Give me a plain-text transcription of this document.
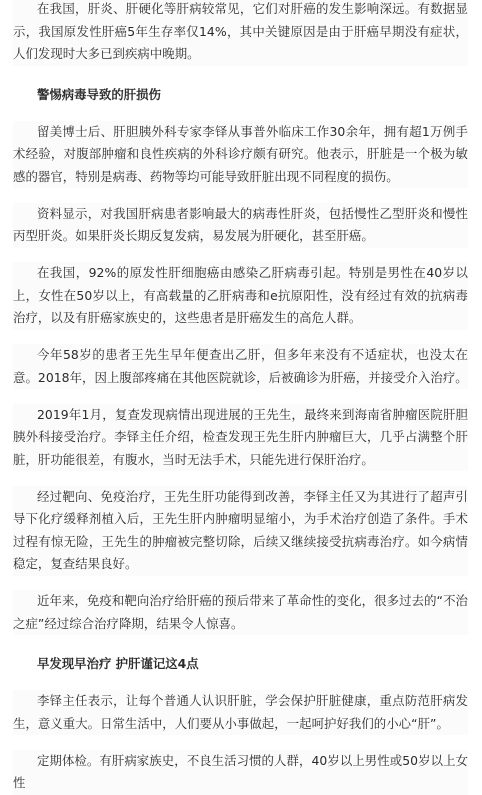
在我国，肝炎、肝硬化等肝病较常见，它们对肝癌的发生影响深远。有数据显示，我国原发性肝癌5年生存率仅14%，其中关键原因是由于肝癌早期没有症状，人们发现时大多已到疾病中晚期。

警惕病毒导致的肝损伤

留美博士后、肝胆胰外科专家李铎从事普外临床工作30余年，拥有超1万例手术经验，对腹部肿瘤和良性疾病的外科诊疗颇有研究。他表示，肝脏是一个极为敏感的器官，特别是病毒、药物等均可能导致肝脏出现不同程度的损伤。

资料显示，对我国肝病患者影响最大的病毒性肝炎，包括慢性乙型肝炎和慢性丙型肝炎。如果肝炎长期反复发病，易发展为肝硬化，甚至肝癌。

在我国，92%的原发性肝细胞癌由感染乙肝病毒引起。特别是男性在40岁以上，女性在50岁以上，有高载量的乙肝病毒和e抗原阳性，没有经过有效的抗病毒治疗，以及有肝癌家族史的，这些患者是肝癌发生的高危人群。

今年58岁的患者王先生早年便查出乙肝，但多年来没有不适症状，也没太在意。2018年，因上腹部疼痛在其他医院就诊，后被确诊为肝癌，并接受介入治疗。

2019年1月，复查发现病情出现进展的王先生，最终来到海南省肿瘤医院肝胆胰外科接受治疗。李铎主任介绍，检查发现王先生肝内肿瘤巨大，几乎占满整个肝脏，肝功能很差，有腹水，当时无法手术，只能先进行保肝治疗。

经过靶向、免疫治疗，王先生肝功能得到改善，李铎主任又为其进行了超声引导下化疗缓释剂植入后，王先生肝内肿瘤明显缩小，为手术治疗创造了条件。手术过程有惊无险，王先生的肿瘤被完整切除，后续又继续接受抗病毒治疗。如今病情稳定，复查结果良好。

近年来，免疫和靶向治疗给肝癌的预后带来了革命性的变化，很多过去的“不治之症”经过综合治疗降期，结果令人惊喜。

早发现早治疗 护肝谨记这4点

李铎主任表示，让每个普通人认识肝脏，学会保护肝脏健康，重点防范肝病发生，意义重大。日常生活中，人们要从小事做起，一起呵护好我们的小心“肝”。

定期体检。有肝病家族史，不良生活习惯的人群，40岁以上男性或50岁以上女性
